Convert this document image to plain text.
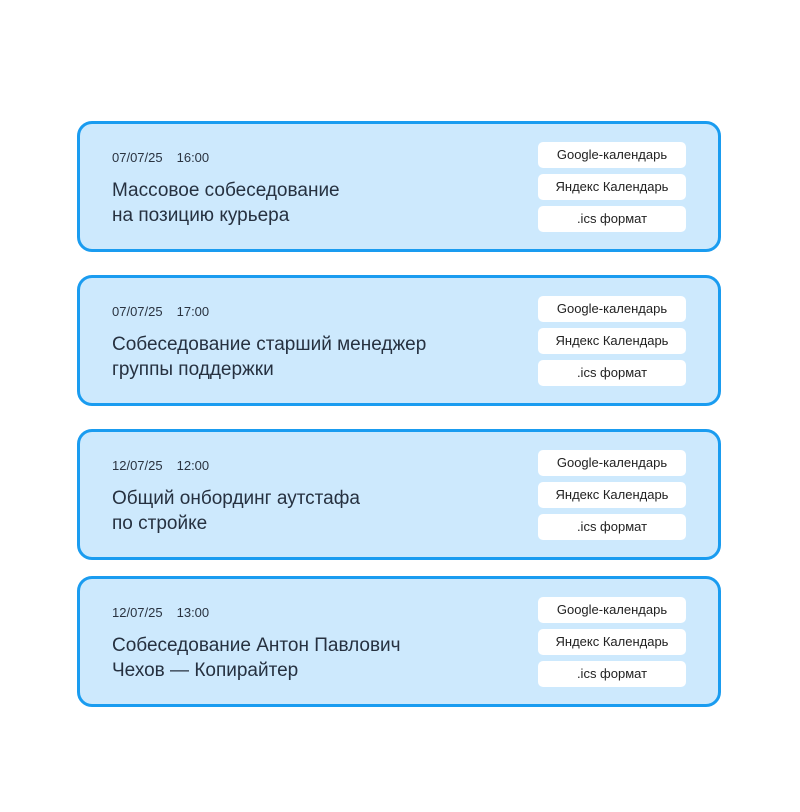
07/07/25 16:00
Массовое собеседование
на позицию курьера
Google-календарь
Яндекс Календарь
.ics формат
07/07/25 17:00
Собеседование старший менеджер
группы поддержки
Google-календарь
Яндекс Календарь
.ics формат
12/07/25 12:00
Общий онбординг аутстафа
по стройке
Google-календарь
Яндекс Календарь
.ics формат
12/07/25 13:00
Собеседование Антон Павлович
Чехов — Копирайтер
Google-календарь
Яндекс Календарь
.ics формат
